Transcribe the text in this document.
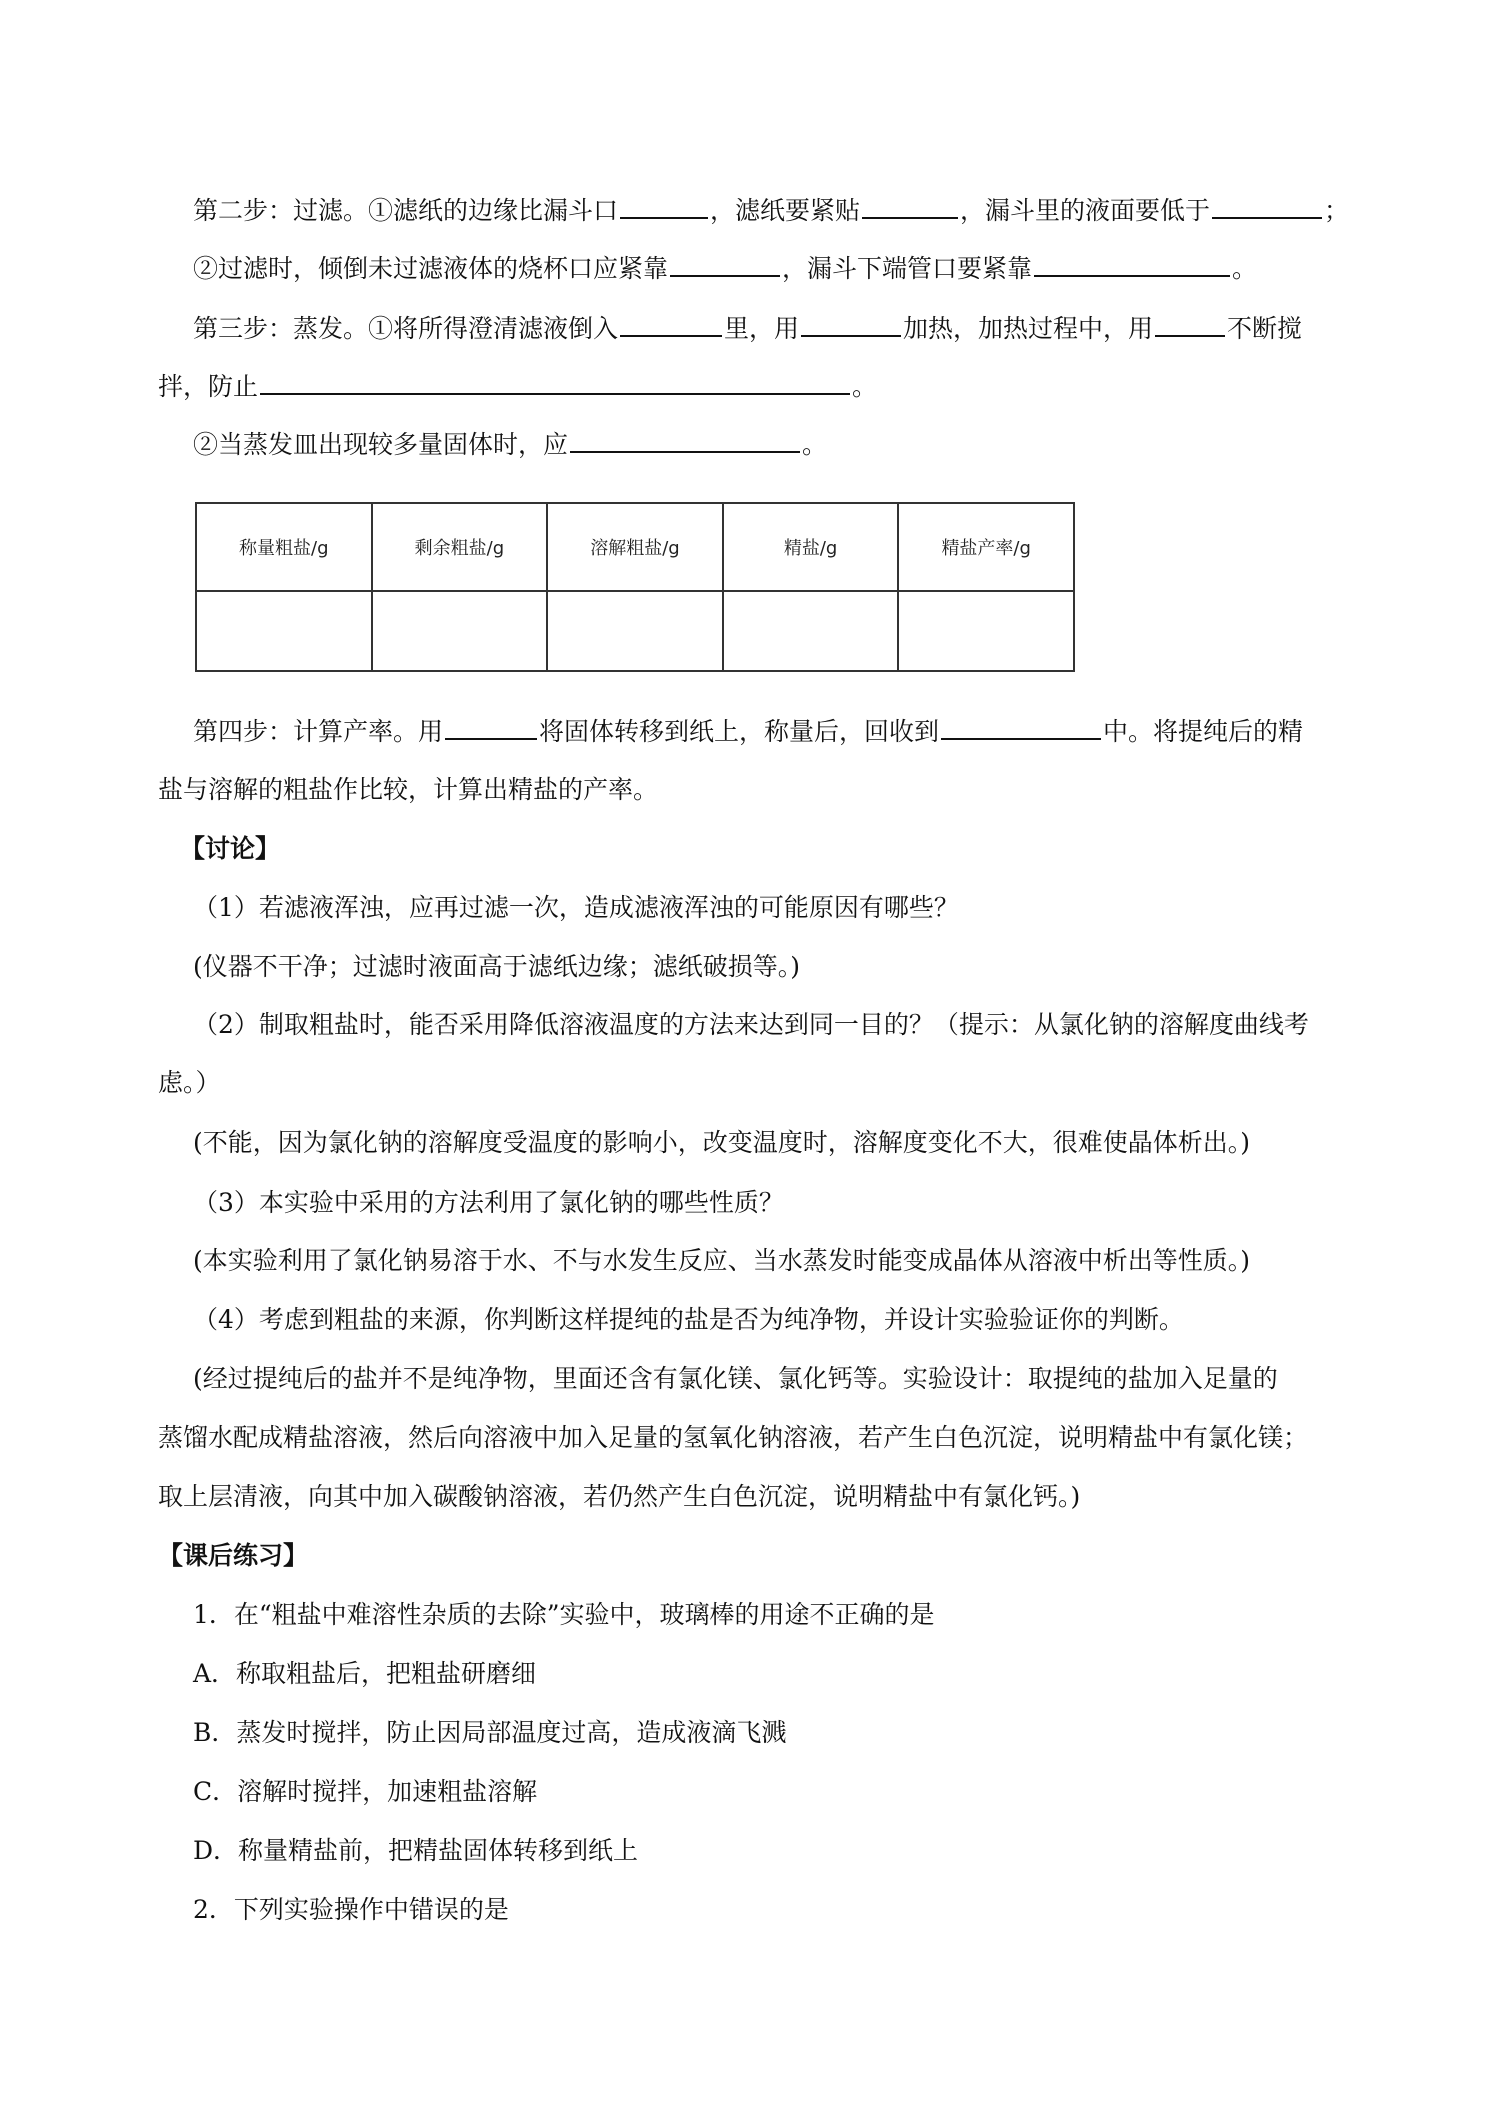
第二步：过滤。①滤纸的边缘比漏斗口	，滤纸要紧贴	，漏斗里的液面要低于	；
②过滤时，倾倒未过滤液体的烧杯口应紧靠	，漏斗下端管口要紧靠	。
第三步：蒸发。①将所得澄清滤液倒入	里，用	加热，加热过程中，用	不断搅
拌，防止	。
②当蒸发皿出现较多量固体时，应	。
称量粗盐/g	剩余粗盐/g	溶解粗盐/g	精盐/g	精盐产率/g

第四步：计算产率。用	将固体转移到纸上，称量后，回收到	中。将提纯后的精
盐与溶解的粗盐作比较，计算出精盐的产率。
【讨论】
（1）若滤液浑浊，应再过滤一次，造成滤液浑浊的可能原因有哪些？
(仪器不干净；过滤时液面高于滤纸边缘；滤纸破损等。)
（2）制取粗盐时，能否采用降低溶液温度的方法来达到同一目的？（提示：从氯化钠的溶解度曲线考
虑。）
(不能，因为氯化钠的溶解度受温度的影响小，改变温度时，溶解度变化不大，很难使晶体析出。)
（3）本实验中采用的方法利用了氯化钠的哪些性质？
(本实验利用了氯化钠易溶于水、不与水发生反应、当水蒸发时能变成晶体从溶液中析出等性质。)
（4）考虑到粗盐的来源，你判断这样提纯的盐是否为纯净物，并设计实验验证你的判断。
(经过提纯后的盐并不是纯净物，里面还含有氯化镁、氯化钙等。实验设计：取提纯的盐加入足量的
蒸馏水配成精盐溶液，然后向溶液中加入足量的氢氧化钠溶液，若产生白色沉淀，说明精盐中有氯化镁；
取上层清液，向其中加入碳酸钠溶液，若仍然产生白色沉淀，说明精盐中有氯化钙。)
【课后练习】
1．在“粗盐中难溶性杂质的去除”实验中，玻璃棒的用途不正确的是
A．称取粗盐后，把粗盐研磨细
B．蒸发时搅拌，防止因局部温度过高，造成液滴飞溅
C．溶解时搅拌，加速粗盐溶解
D．称量精盐前，把精盐固体转移到纸上
2．下列实验操作中错误的是
